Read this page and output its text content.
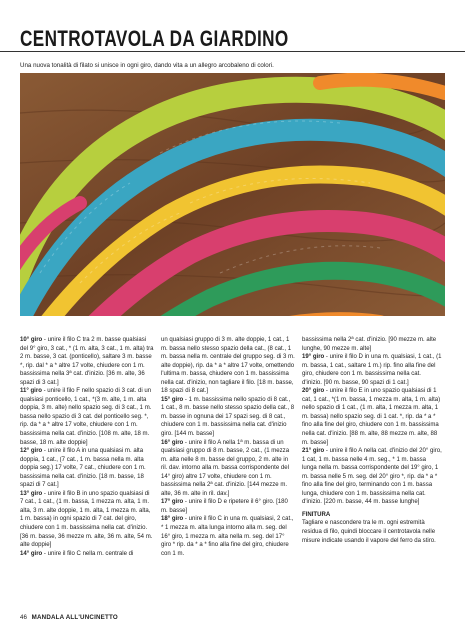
CENTROTAVOLA DA GIARDINO
Una nuova tonalità di filato si unisce in ogni giro, dando vita a un allegro arcobaleno di colori.

10° giro - unire il filo C tra 2 m. basse qualsiasi del 9° giro, 3 cat., * (1 m. alta, 3 cat., 1 m. alta) tra 2 m. basse, 3 cat. (ponticello), saltare 3 m. basse *, rip. dal * a * altre 17 volte, chiudere con 1 m. bassissima nella 3ª cat. d'inizio. [36 m. alte, 36 spazi di 3 cat.]

11° giro - unire il filo F nello spazio di 3 cat. di un qualsiasi ponticello, 1 cat., *(3 m. alte, 1 m. alta doppia, 3 m. alte) nello spazio seg. di 3 cat., 1 m. bassa nello spazio di 3 cat. del ponticello seg. *, rip. da * a * altre 17 volte, chiudere con 1 m. bassissima nella cat. d'inizio. [108 m. alte, 18 m. basse, 18 m. alte doppie]

12° giro - unire il filo A in una qualsiasi m. alta doppia, 1 cat., (7 cat., 1 m. bassa nella m. alta doppia seg.) 17 volte, 7 cat., chiudere con 1 m. bassissima nella cat. d'inizio. [18 m. basse, 18 spazi di 7 cat.]

13° giro - unire il filo B in uno spazio qualsiasi di 7 cat., 1 cat., (1 m. bassa, 1 mezza m. alta, 1 m. alta, 3 m. alte doppie, 1 m. alta, 1 mezza m. alta, 1 m. bassa) in ogni spazio di 7 cat. del giro, chiudere con 1 m. bassissima nella cat. d'inizio. [36 m. basse, 36 mezze m. alte, 36 m. alte, 54 m. alte doppie]

14° giro - unire il filo C nella m. centrale di

un qualsiasi gruppo di 3 m. alte doppie, 1 cat., 1 m. bassa nello stesso spazio della cat., (8 cat., 1 m. bassa nella m. centrale del gruppo seg. di 3 m. alte doppie), rip. da * a * altre 17 volte, omettendo l'ultima m. bassa, chiudere con 1 m. bassissima nella cat. d'inizio, non tagliare il filo. [18 m. basse, 18 spazi di 8 cat.]

15° giro - 1 m. bassissima nello spazio di 8 cat., 1 cat., 8 m. basse nello stesso spazio della cat., 8 m. basse in ognuna dei 17 spazi seg. di 8 cat., chiudere con 1 m. bassissima nella cat. d'inizio giro. [144 m. basse]

16° giro - unire il filo A nella 1ª m. bassa di un qualsiasi gruppo di 8 m. basse, 2 cat., (1 mezza m. alta nelle 8 m. basse del gruppo, 2 m. alte in ril. dav. intorno alla m. bassa corrispondente del 14° giro) altre 17 volte, chiudere con 1 m. bassissima nella 2ª cat. d'inizio. [144 mezze m. alte, 36 m. alte in ril. dav.]

17° giro - unire il filo D e ripetere il 6° giro. [180 m. basse]

18° giro - unire il filo C in una m. qualsiasi, 2 cat., * 1 mezza m. alta lunga intorno alla m. seg. del 16° giro, 1 mezza m. alta nella m. seg. del 17° giro * rip. da * a * fino alla fine del giro, chiudere con 1 m.

bassissima nella 2ª cat. d'inizio. [90 mezze m. alte lunghe, 90 mezze m. alte]

19° giro - unire il filo D in una m. qualsiasi, 1 cat., (1 m. bassa, 1 cat., saltare 1 m.) rip. fino alla fine del giro, chiudere con 1 m. bassissima nella cat. d'inizio. [90 m. basse, 90 spazi di 1 cat.]

20° giro - unire il filo E in uno spazio qualsiasi di 1 cat, 1 cat., *(1 m. bassa, 1 mezza m. alta, 1 m. alta) nello spazio di 1 cat., (1 m. alta, 1 mezza m. alta, 1 m. bassa) nello spazio seg. di 1 cat. *, rip. da * a * fino alla fine del giro, chiudere con 1 m. bassissima nella cat. d'inizio. [88 m. alte, 88 mezze m. alte, 88 m. basse]

21° giro - unire il filo A nella cat. d'inizio del 20° giro, 1 cat, 1 m. bassa nelle 4 m. seg., * 1 m. bassa lunga nella m. bassa corrispondente del 19° giro, 1 m. bassa nelle 5 m. seg. del 20° giro *, rip. da * a * fino alla fine del giro, terminando con 1 m. bassa lunga, chiudere con 1 m. bassissima nella cat. d'inizio. [220 m. basse, 44 m. basse lunghe]

FINITURA

Tagliare e nascondere tra le m. ogni estremità residua di filo, quindi bloccare il centrotavola nelle misure indicate usando il vapore del ferro da stiro.

46 MANDALA ALL'UNCINETTO
